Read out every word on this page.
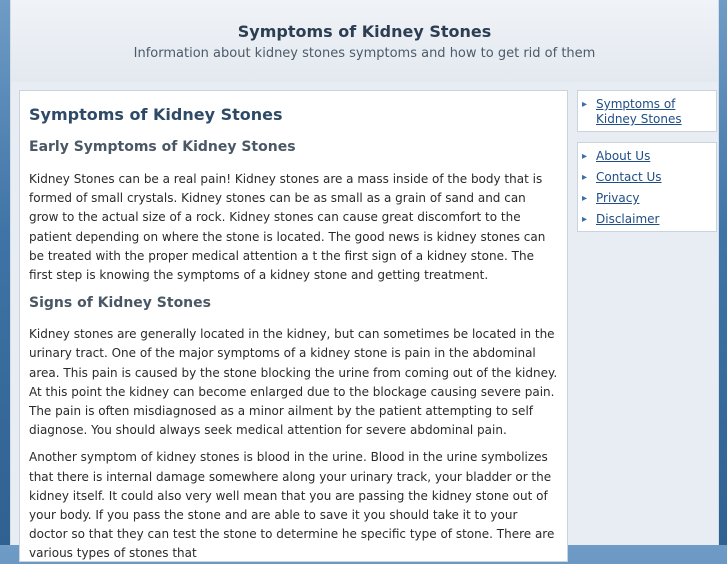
Symptoms of Kidney Stones
Information about kidney stones symptoms and how to get rid of them
Symptoms of Kidney Stones
Early Symptoms of Kidney Stones

Kidney Stones can be a real pain! Kidney stones are a mass inside of the body that is formed of small crystals. Kidney stones can be as small as a grain of sand and can grow to the actual size of a rock. Kidney stones can cause great discomfort to the patient depending on where the stone is located. The good news is kidney stones can be treated with the proper medical attention a t the first sign of a kidney stone. The first step is knowing the symptoms of a kidney stone and getting treatment.

Signs of Kidney Stones

Kidney stones are generally located in the kidney, but can sometimes be located in the urinary tract. One of the major symptoms of a kidney stone is pain in the abdominal area. This pain is caused by the stone blocking the urine from coming out of the kidney. At this point the kidney can become enlarged due to the blockage causing severe pain. The pain is often misdiagnosed as a minor ailment by the patient attempting to self diagnose. You should always seek medical attention for severe abdominal pain.

Another symptom of kidney stones is blood in the urine. Blood in the urine symbolizes that there is internal damage somewhere along your urinary track, your bladder or the kidney itself. It could also very well mean that you are passing the kidney stone out of your body. If you pass the stone and are able to save it you should take it to your doctor so that they can test the stone to determine he specific type of stone. There are various types of stones that

▸ Symptoms of Kidney Stones
▸ About Us
▸ Contact Us
▸ Privacy
▸ Disclaimer
